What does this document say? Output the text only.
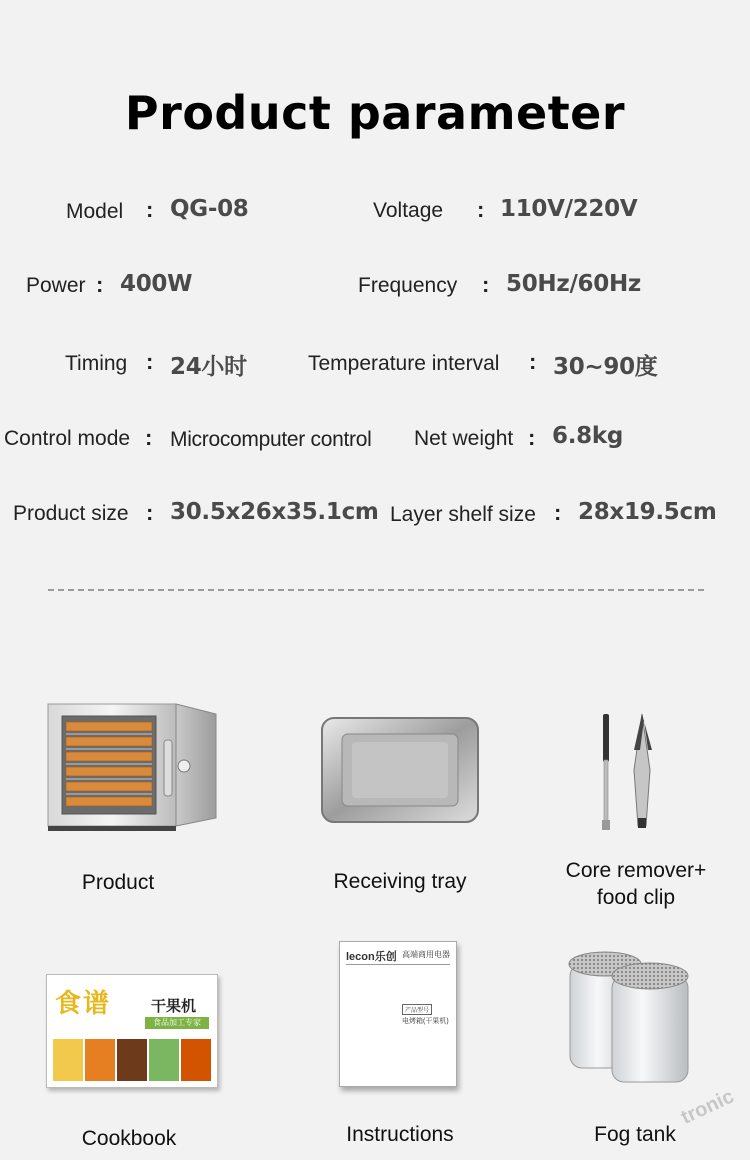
Product parameter
Model : QG-08	Voltage : 110V/220V
Power : 400W	Frequency : 50Hz/60Hz
Timing : 24小时	Temperature interval : 30~90度
Control mode : Microcomputer control Net weight : 6.8kg
Product size : 30.5x26x35.1cm Layer shelf size : 28x19.5cm
Product	Receiving tray	Core remover+
food clip
食谱	干果机
食品加工专家
Cookbook
lecon乐创 高端商用电器
产品型号
电烤箱(干果机)
Instructions	Fog tank
tronic
